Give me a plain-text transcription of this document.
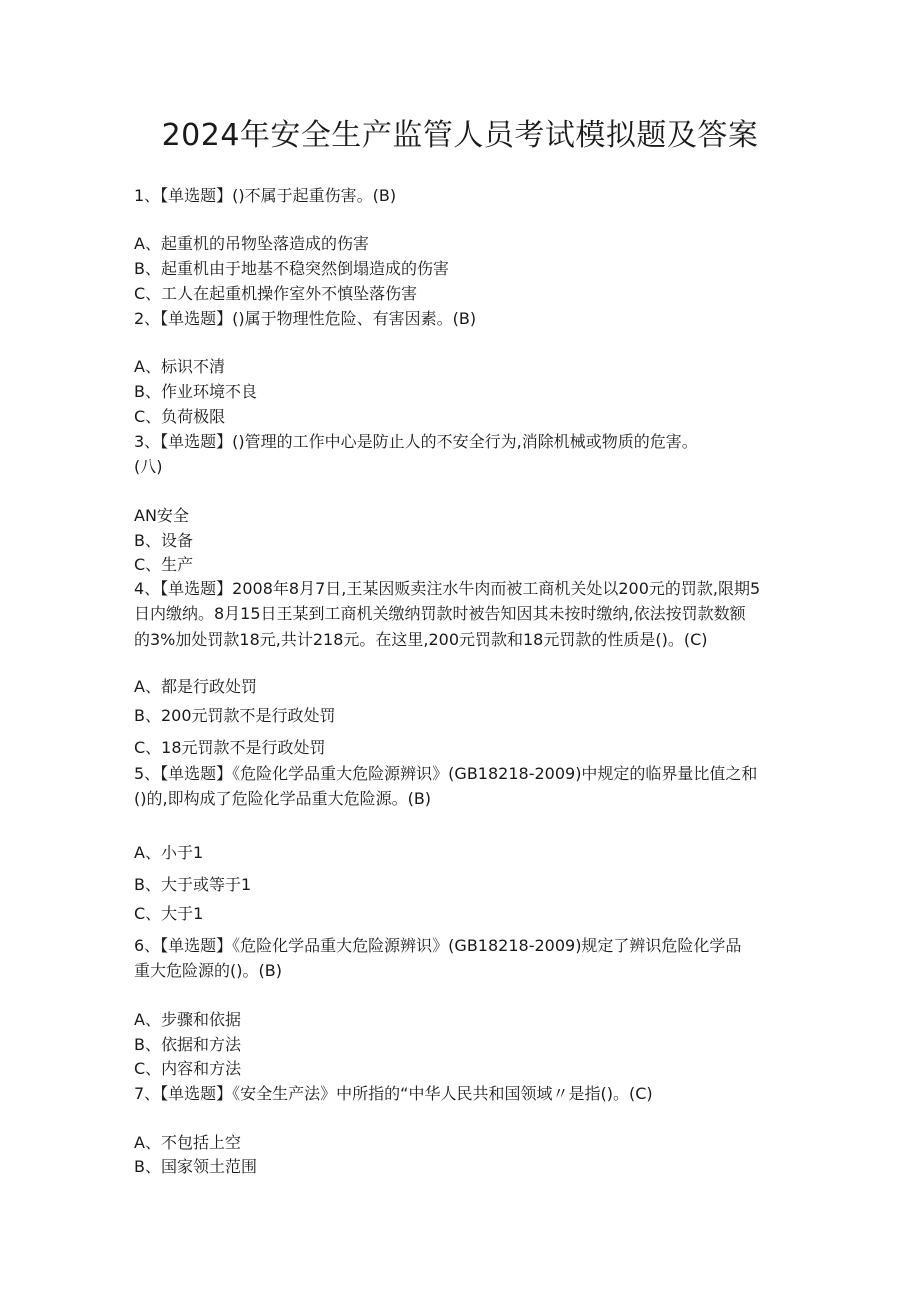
2024年安全生产监管人员考试模拟题及答案

1、【单选题】()不属于起重伤害。(B)

A、起重机的吊物坠落造成的伤害

B、起重机由于地基不稳突然倒塌造成的伤害

C、工人在起重机操作室外不慎坠落伤害

2、【单选题】()属于物理性危险、有害因素。(B)

A、标识不清

B、作业环境不良

C、负荷极限

3、【单选题】()管理的工作中心是防止人的不安全行为,消除机械或物质的危害。

(八)

AN安全

B、设备

C、生产

4、【单选题】2008年8月7日,王某因贩卖注水牛肉而被工商机关处以200元的罚款,限期5

日内缴纳。8月15日王某到工商机关缴纳罚款时被告知因其未按时缴纳,依法按罚款数额

的3%加处罚款18元,共计218元。在这里,200元罚款和18元罚款的性质是()。(C)

A、都是行政处罚

B、200元罚款不是行政处罚

C、18元罚款不是行政处罚

5、【单选题】《危险化学品重大危险源辨识》(GB18218-2009)中规定的临界量比值之和

()的,即构成了危险化学品重大危险源。(B)

A、小于1

B、大于或等于1

C、大于1

6、【单选题】《危险化学品重大危险源辨识》(GB18218-2009)规定了辨识危险化学品

重大危险源的()。(B)

A、步骤和依据

B、依据和方法

C、内容和方法

7、【单选题】《安全生产法》中所指的“中华人民共和国领域〃是指()。(C)

A、不包括上空

B、国家领土范围
